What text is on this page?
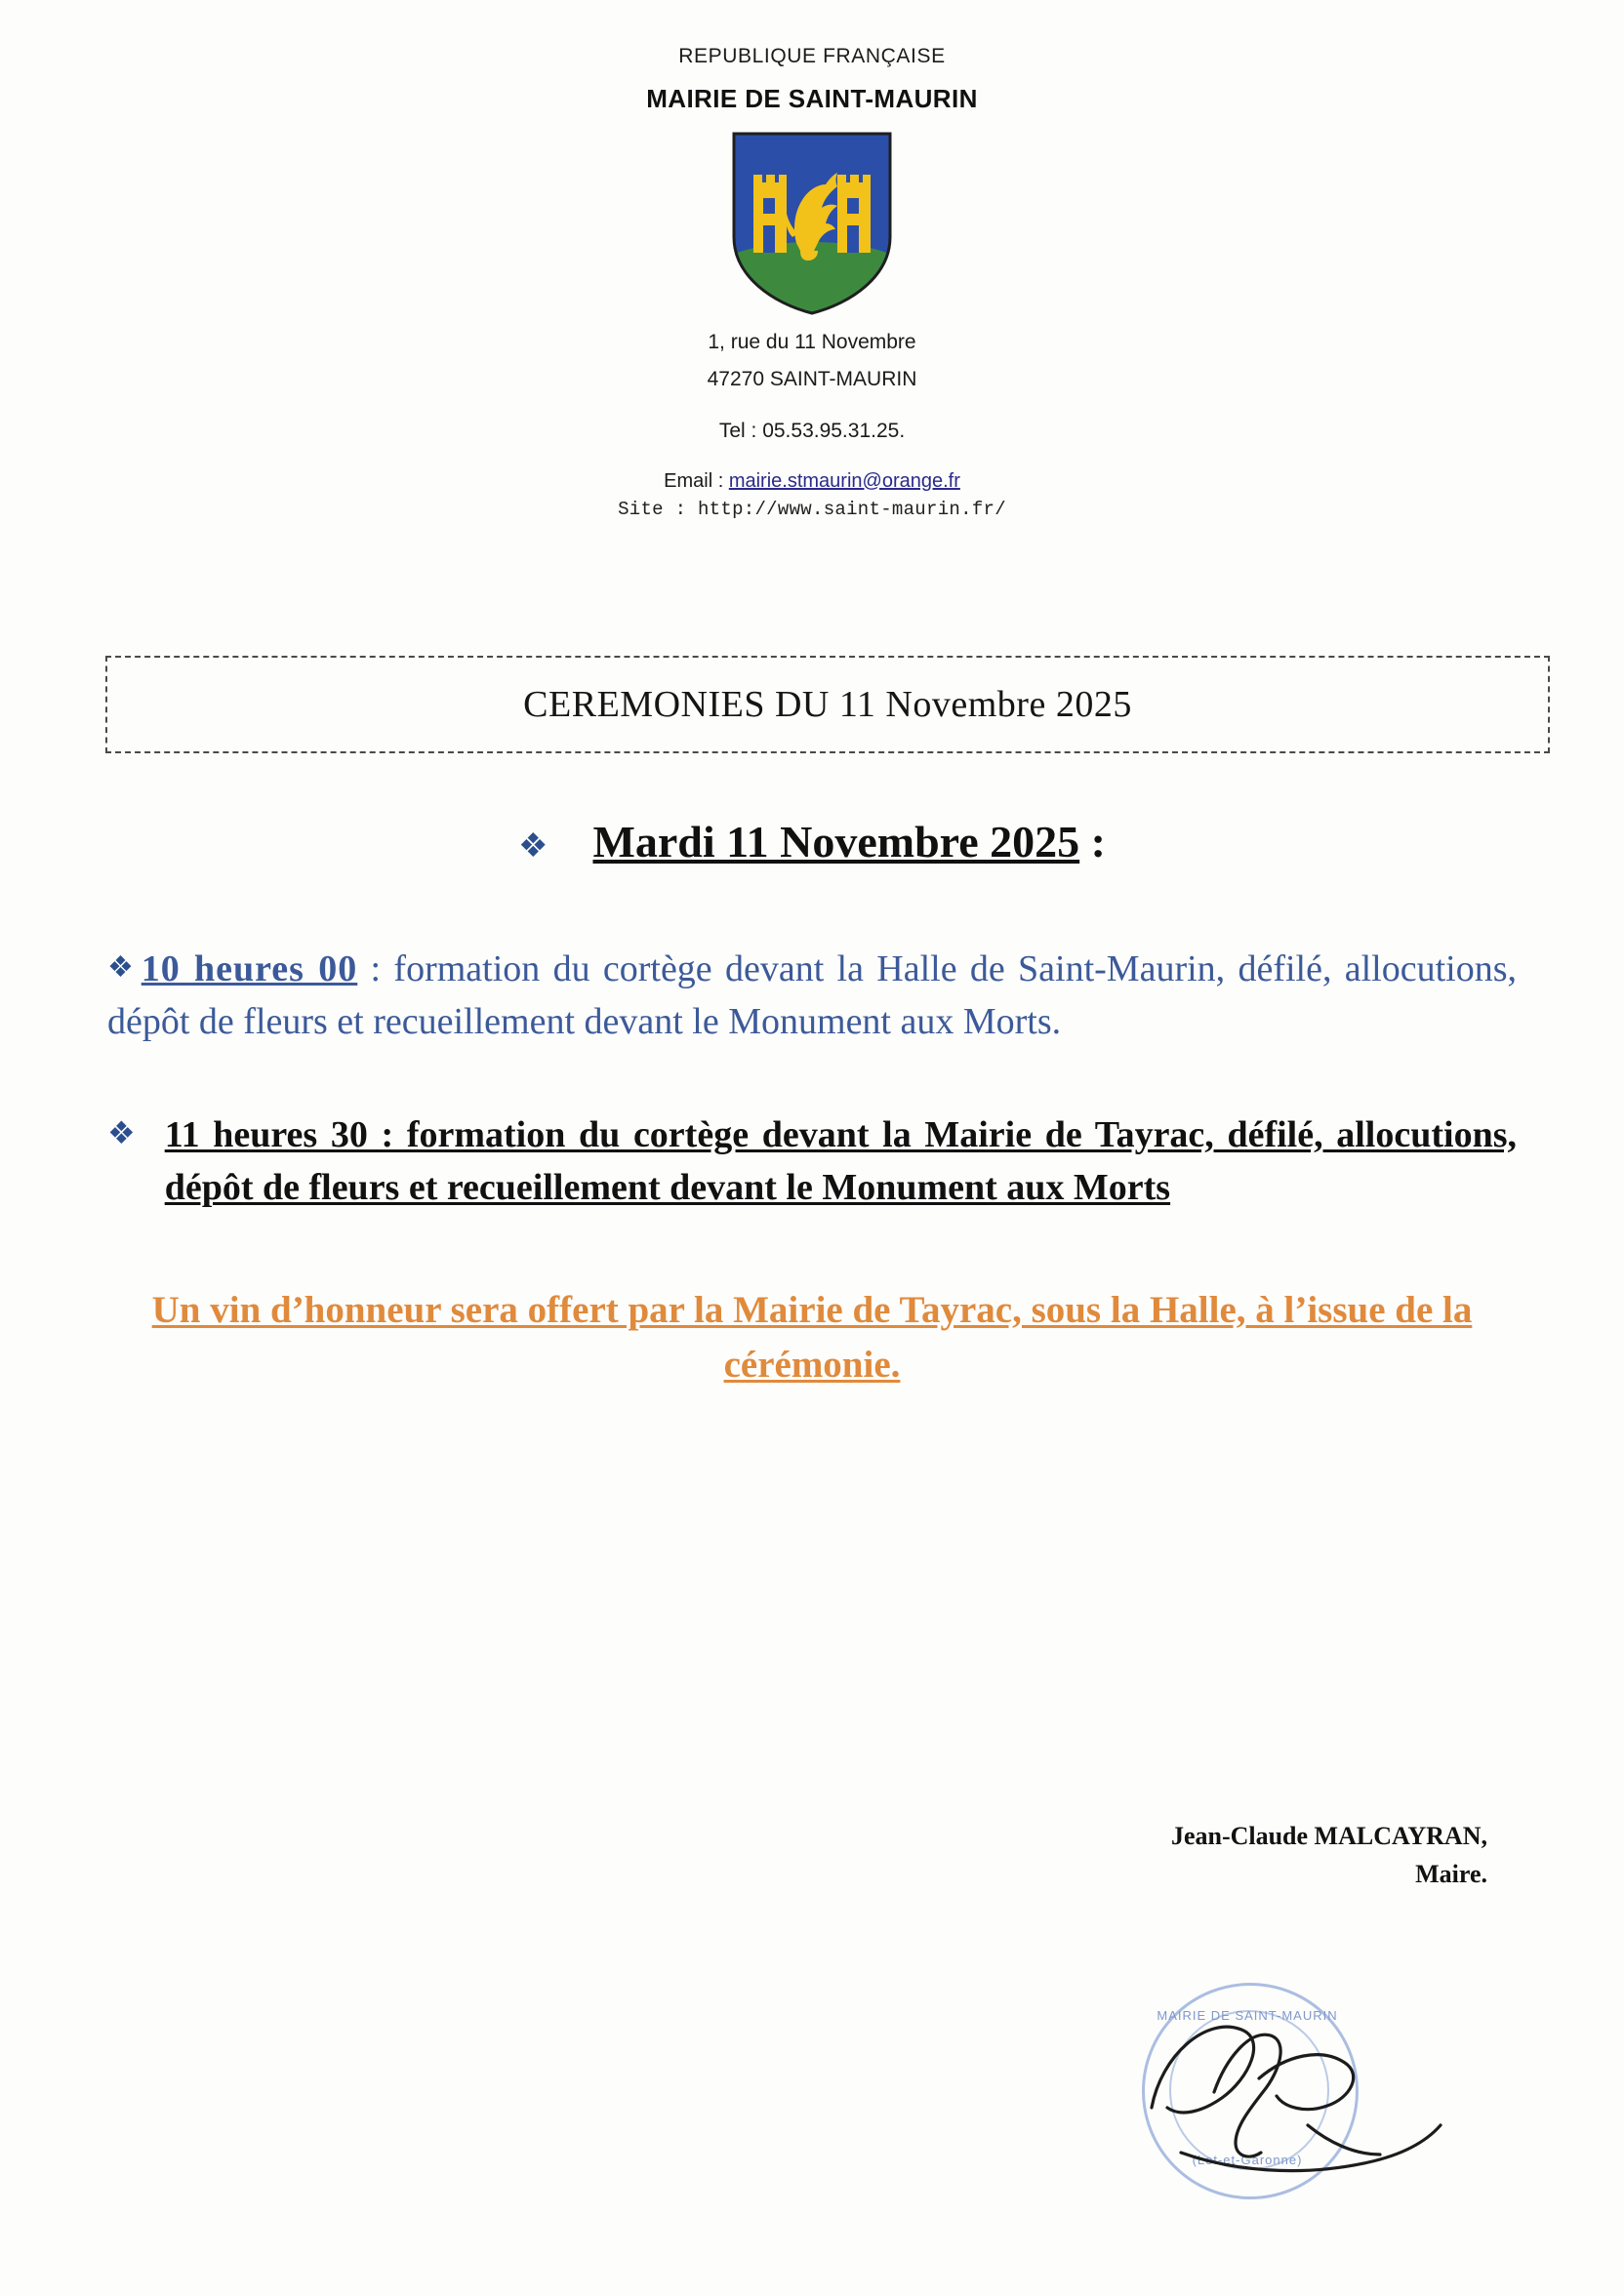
REPUBLIQUE FRANÇAISE
MAIRIE DE SAINT-MAURIN
1, rue du 11 Novembre
47270 SAINT-MAURIN
Tel : 05.53.95.31.25.
Email : mairie.stmaurin@orange.fr
Site : http://www.saint-maurin.fr/
CEREMONIES DU 11 Novembre 2025
❖ Mardi 11 Novembre 2025 :
❖ 10 heures 00 : formation du cortège devant la Halle de Saint-Maurin, défilé, allocutions, dépôt de fleurs et recueillement devant le Monument aux Morts.
❖ 11 heures 30 : formation du cortège devant la Mairie de Tayrac, défilé, allocutions, dépôt de fleurs et recueillement devant le Monument aux Morts
Un vin d’honneur sera offert par la Mairie de Tayrac, sous la Halle, à l’issue de la cérémonie.
Jean-Claude MALCAYRAN,
Maire.
MAIRIE DE SAINT-MAURIN
(Lot-et-Garonne)
